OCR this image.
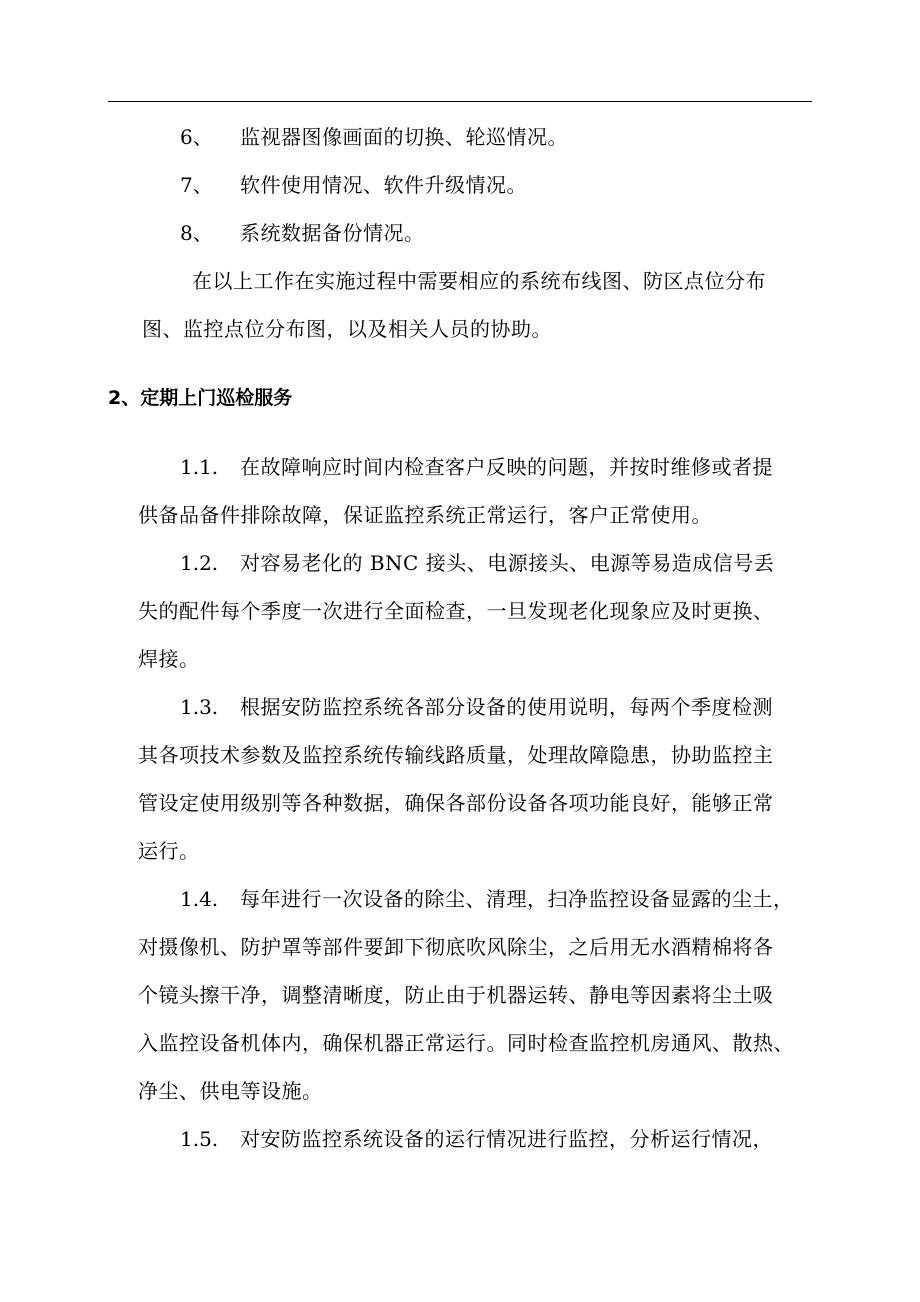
6、 监视器图像画面的切换、轮巡情况。
7、 软件使用情况、软件升级情况。
8、 系统数据备份情况。
在以上工作在实施过程中需要相应的系统布线图、防区点位分布
图、监控点位分布图，以及相关人员的协助。
2、定期上门巡检服务
1.1. 在故障响应时间内检查客户反映的问题，并按时维修或者提
供备品备件排除故障，保证监控系统正常运行，客户正常使用。
1.2. 对容易老化的 BNC 接头、电源接头、电源等易造成信号丢
失的配件每个季度一次进行全面检查，一旦发现老化现象应及时更换、
焊接。
1.3. 根据安防监控系统各部分设备的使用说明，每两个季度检测
其各项技术参数及监控系统传输线路质量，处理故障隐患，协助监控主
管设定使用级别等各种数据，确保各部份设备各项功能良好，能够正常
运行。
1.4. 每年进行一次设备的除尘、清理，扫净监控设备显露的尘土，
对摄像机、防护罩等部件要卸下彻底吹风除尘，之后用无水酒精棉将各
个镜头擦干净，调整清晰度，防止由于机器运转、静电等因素将尘土吸
入监控设备机体内，确保机器正常运行。同时检查监控机房通风、散热、
净尘、供电等设施。
1.5. 对安防监控系统设备的运行情况进行监控，分析运行情况，
